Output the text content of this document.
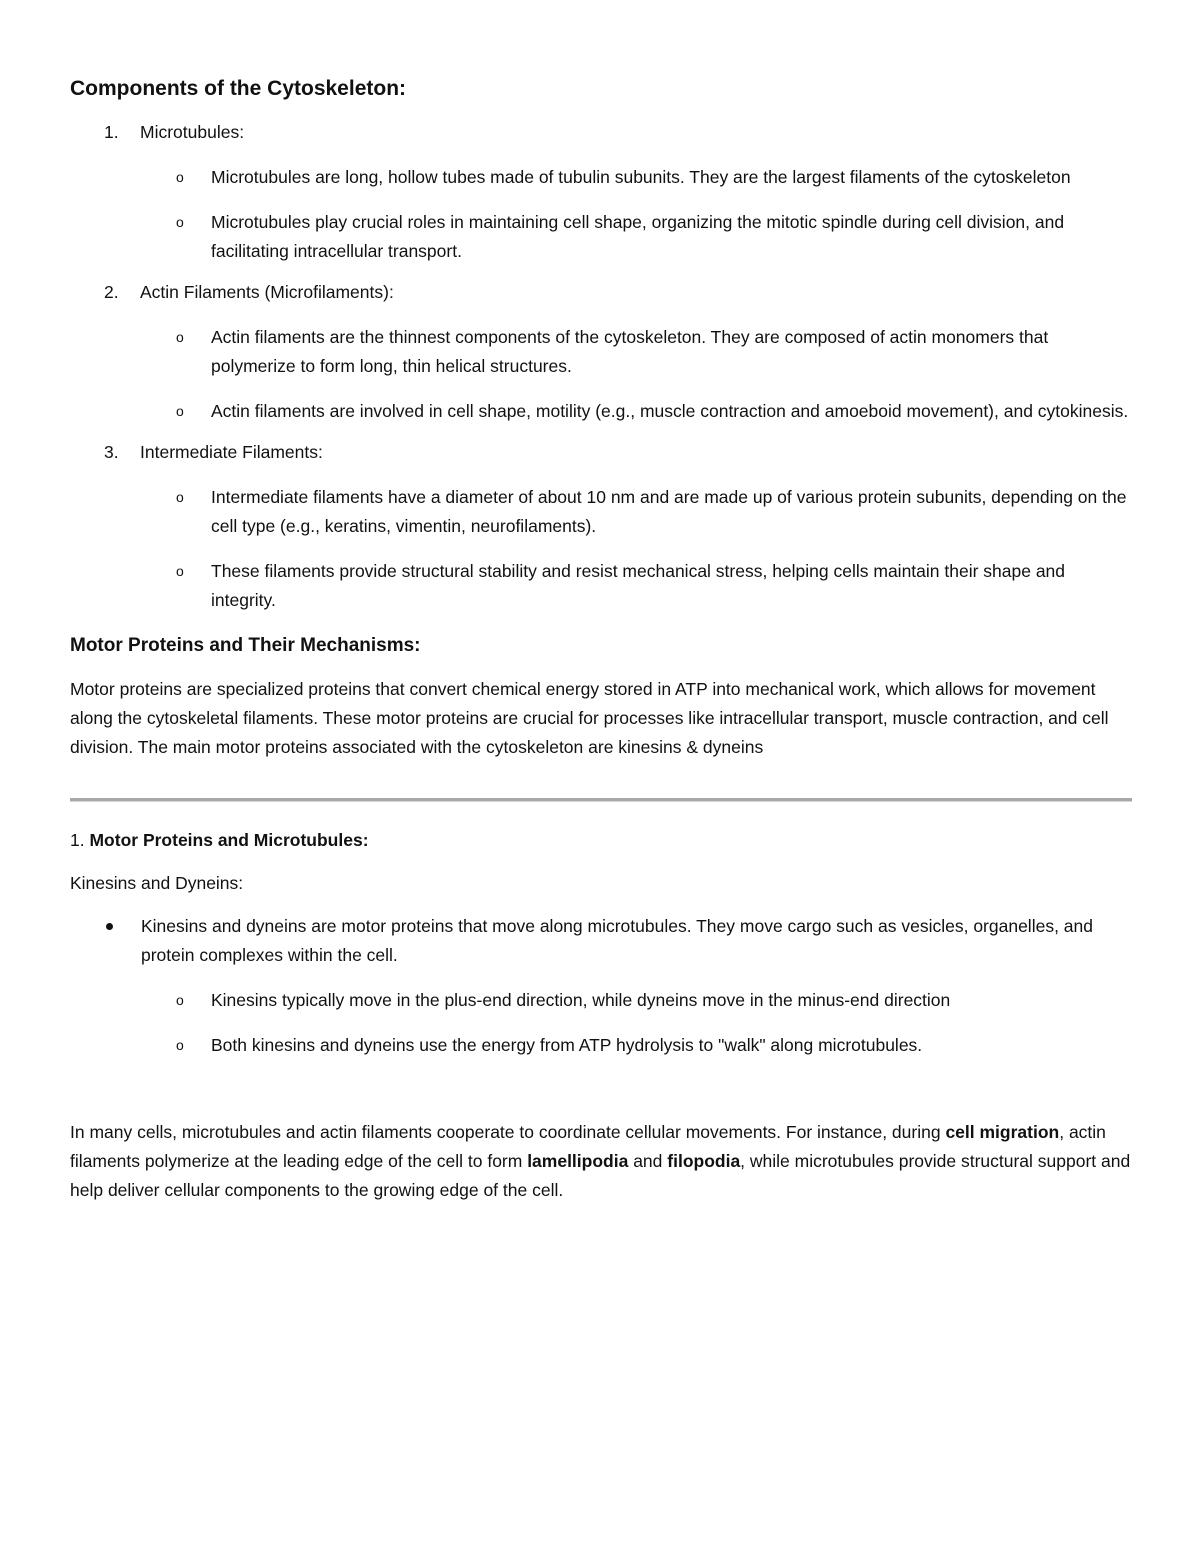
Components of the Cytoskeleton:
1. Microtubules:
o Microtubules are long, hollow tubes made of tubulin subunits. They are the largest filaments of the cytoskeleton
o Microtubules play crucial roles in maintaining cell shape, organizing the mitotic spindle during cell division, and facilitating intracellular transport.
2. Actin Filaments (Microfilaments):
o Actin filaments are the thinnest components of the cytoskeleton. They are composed of actin monomers that polymerize to form long, thin helical structures.
o Actin filaments are involved in cell shape, motility (e.g., muscle contraction and amoeboid movement), and cytokinesis.
3. Intermediate Filaments:
o Intermediate filaments have a diameter of about 10 nm and are made up of various protein subunits, depending on the cell type (e.g., keratins, vimentin, neurofilaments).
o These filaments provide structural stability and resist mechanical stress, helping cells maintain their shape and integrity.
Motor Proteins and Their Mechanisms:

Motor proteins are specialized proteins that convert chemical energy stored in ATP into mechanical work, which allows for movement along the cytoskeletal filaments. These motor proteins are crucial for processes like intracellular transport, muscle contraction, and cell division. The main motor proteins associated with the cytoskeleton are kinesins & dyneins

1. Motor Proteins and Microtubules:

Kinesins and Dyneins:

Kinesins and dyneins are motor proteins that move along microtubules. They move cargo such as vesicles, organelles, and protein complexes within the cell.
o Kinesins typically move in the plus-end direction, while dyneins move in the minus-end direction
o Both kinesins and dyneins use the energy from ATP hydrolysis to "walk" along microtubules.

In many cells, microtubules and actin filaments cooperate to coordinate cellular movements. For instance, during cell migration, actin filaments polymerize at the leading edge of the cell to form lamellipodia and filopodia, while microtubules provide structural support and help deliver cellular components to the growing edge of the cell.
